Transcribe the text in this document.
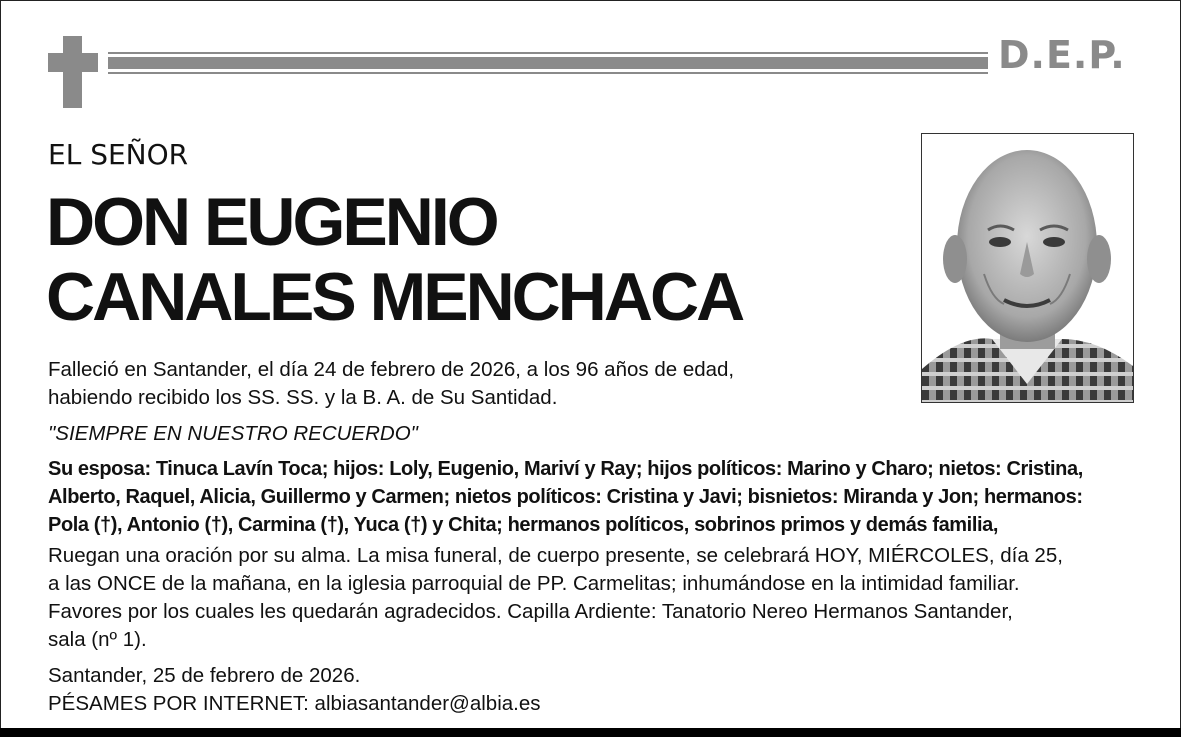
D.E.P.
EL SEÑOR
DON EUGENIO
CANALES MENCHACA
Falleció en Santander, el día 24 de febrero de 2026, a los 96 años de edad,
habiendo recibido los SS. SS. y la B. A. de Su Santidad.
"SIEMPRE EN NUESTRO RECUERDO"
Su esposa: Tinuca Lavín Toca; hijos: Loly, Eugenio, Mariví y Ray; hijos políticos: Marino y Charo; nietos: Cristina,
Alberto, Raquel, Alicia, Guillermo y Carmen; nietos políticos: Cristina y Javi; bisnietos: Miranda y Jon; hermanos:
Pola (†), Antonio (†), Carmina (†), Yuca (†) y Chita; hermanos políticos, sobrinos primos y demás familia,
Ruegan una oración por su alma. La misa funeral, de cuerpo presente, se celebrará HOY, MIÉRCOLES, día 25,
a las ONCE de la mañana, en la iglesia parroquial de PP. Carmelitas; inhumándose en la intimidad familiar.
Favores por los cuales les quedarán agradecidos. Capilla Ardiente: Tanatorio Nereo Hermanos Santander,
sala (nº 1).
Santander, 25 de febrero de 2026.
PÉSAMES POR INTERNET: albiasantander@albia.es
